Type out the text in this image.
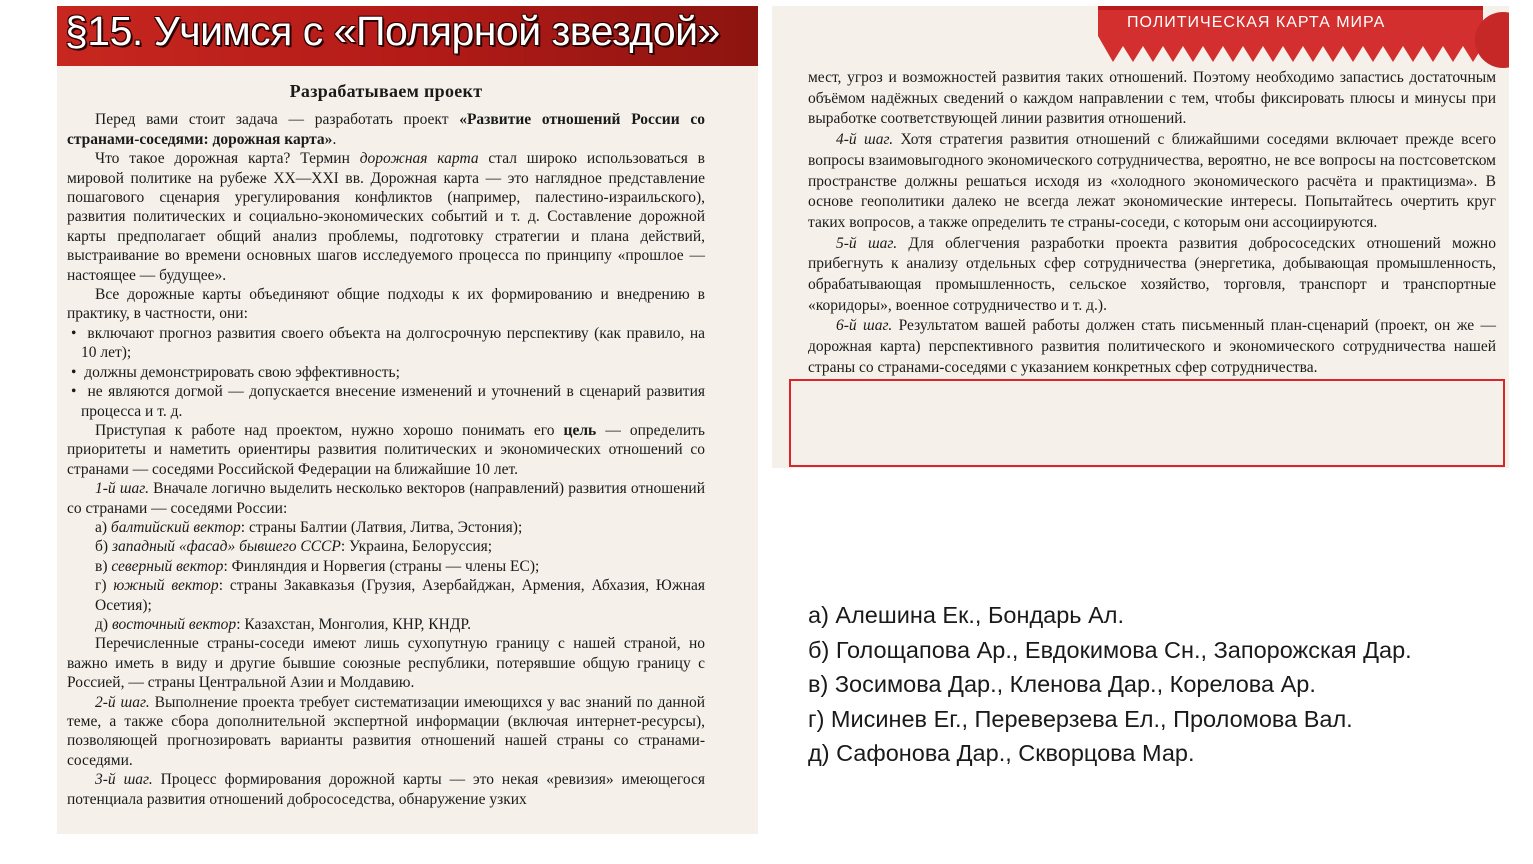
§15. Учимся с «Полярной звездой»

Разрабатываем проект

Перед вами стоит задача — разработать проект «Развитие отношений России со странами-соседями: дорожная карта».

Что такое дорожная карта? Термин дорожная карта стал широко использоваться в мировой политике на рубеже XX—XXI вв. Дорожная карта — это наглядное представление пошагового сценария урегулирования конфликтов (например, палестино-израильского), развития политических и социально-экономических событий и т. д. Составление дорожной карты предполагает общий анализ проблемы, подготовку стратегии и плана действий, выстраивание во времени основных шагов исследуемого процесса по принципу «прошлое — настоящее — будущее».

Все дорожные карты объединяют общие подходы к их формированию и внедрению в практику, в частности, они:

•  включают прогноз развития своего объекта на долгосрочную перспективу (как правило, на 10 лет);

•  должны демонстрировать свою эффективность;

•  не являются догмой — допускается внесение изменений и уточнений в сценарий развития процесса и т. д.

Приступая к работе над проектом, нужно хорошо понимать его цель — определить приоритеты и наметить ориентиры развития политических и экономических отношений со странами — соседями Российской Федерации на ближайшие 10 лет.

1-й шаг. Вначале логично выделить несколько векторов (направлений) развития отношений со странами — соседями России:

а) балтийский вектор: страны Балтии (Латвия, Литва, Эстония);

б) западный «фасад» бывшего СССР: Украина, Белоруссия;

в) северный вектор: Финляндия и Норвегия (страны — члены ЕС);

г) южный вектор: страны Закавказья (Грузия, Азербайджан, Армения, Абхазия, Южная Осетия);

д) восточный вектор: Казахстан, Монголия, КНР, КНДР.

Перечисленные страны-соседи имеют лишь сухопутную границу с нашей страной, но важно иметь в виду и другие бывшие союзные республики, потерявшие общую границу с Россией, — страны Центральной Азии и Молдавию.

2-й шаг. Выполнение проекта требует систематизации имеющихся у вас знаний по данной теме, а также сбора дополнительной экспертной информации (включая интернет-ресурсы), позволяющей прогнозировать варианты развития отношений нашей страны со странами-соседями.

3-й шаг. Процесс формирования дорожной карты — это некая «ревизия» имеющегося потенциала развития отношений добрососедства, обнаружение узких

ПОЛИТИЧЕСКАЯ КАРТА МИРА

мест, угроз и возможностей развития таких отношений. Поэтому необходимо запастись достаточным объёмом надёжных сведений о каждом направлении с тем, чтобы фиксировать плюсы и минусы при выработке соответствующей линии развития отношений.

4-й шаг. Хотя стратегия развития отношений с ближайшими соседями включает прежде всего вопросы взаимовыгодного экономического сотрудничества, вероятно, не все вопросы на постсоветском пространстве должны решаться исходя из «холодного экономического расчёта и практицизма». В основе геополитики далеко не всегда лежат экономические интересы. Попытайтесь очертить круг таких вопросов, а также определить те страны-соседи, с которым они ассоциируются.

5-й шаг. Для облегчения разработки проекта развития добрососедских отношений можно прибегнуть к анализу отдельных сфер сотрудничества (энергетика, добывающая промышленность, обрабатывающая промышленность, сельское хозяйство, торговля, транспорт и транспортные «коридоры», военное сотрудничество и т. д.).

6-й шаг. Результатом вашей работы должен стать письменный план-сценарий (проект, он же — дорожная карта) перспективного развития политического и экономического сотрудничества нашей страны со странами-соседями с указанием конкретных сфер сотрудничества.

а) Алешина Ек., Бондарь Ал.
б) Голощапова Ар., Евдокимова Сн., Запорожская Дар.
в) Зосимова Дар., Кленова Дар., Корелова Ар.
г) Мисинев Ег., Переверзева Ел., Проломова Вал.
д) Сафонова Дар., Скворцова Мар.
